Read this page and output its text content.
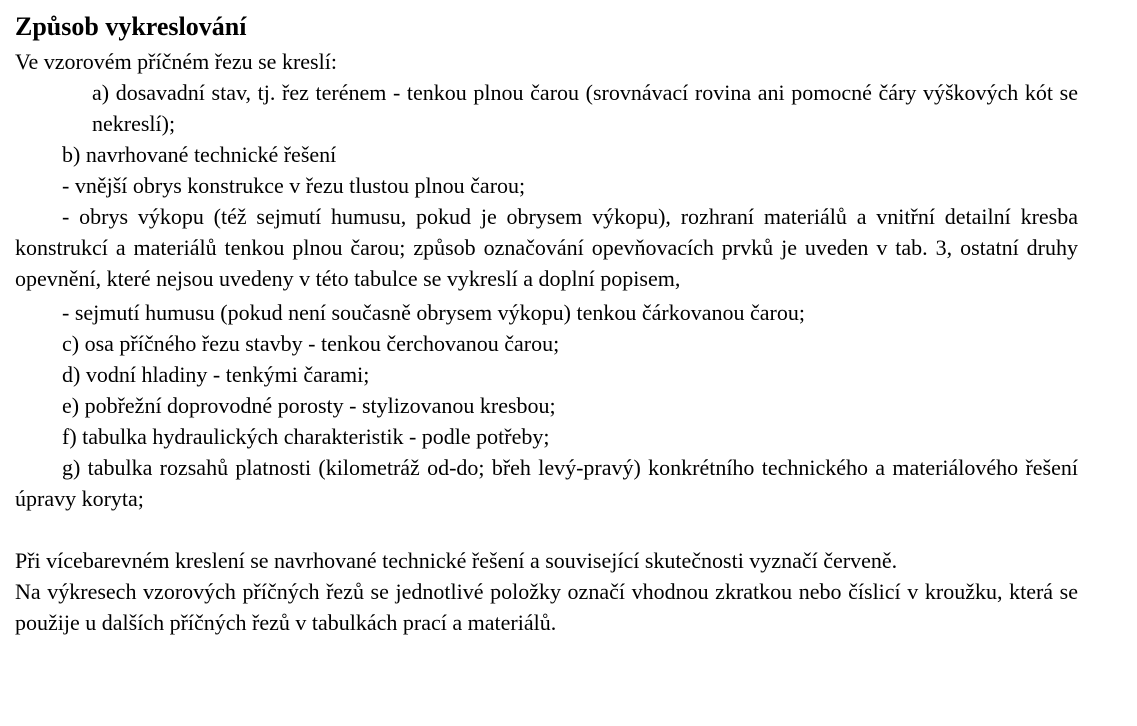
Způsob vykreslování

Ve vzorovém příčném řezu se kreslí:

a) dosavadní stav, tj. řez terénem - tenkou plnou čarou (srovnávací rovina ani pomocné čáry výškových kót se nekreslí);

b) navrhované technické řešení

- vnější obrys konstrukce v řezu tlustou plnou čarou;

- obrys výkopu (též sejmutí humusu, pokud je obrysem výkopu), rozhraní materiálů a vnitřní detailní kresba konstrukcí a materiálů tenkou plnou čarou; způsob označování opevňovacích prvků je uveden v tab. 3, ostatní druhy opevnění, které nejsou uvedeny v této tabulce se vykreslí a doplní popisem,

- sejmutí humusu (pokud není současně obrysem výkopu) tenkou čárkovanou čarou;

c) osa příčného řezu stavby - tenkou čerchovanou čarou;

d) vodní hladiny - tenkými čarami;

e) pobřežní doprovodné porosty - stylizovanou kresbou;

f) tabulka hydraulických charakteristik - podle potřeby;

g) tabulka rozsahů platnosti (kilometráž od-do; břeh levý-pravý) konkrétního technického a materiálového řešení úpravy koryta;

Při vícebarevném kreslení se navrhované technické řešení a související skutečnosti vyznačí červeně.

Na výkresech vzorových příčných řezů se jednotlivé položky označí vhodnou zkratkou nebo číslicí v kroužku, která se použije u dalších příčných řezů v tabulkách prací a materiálů.
